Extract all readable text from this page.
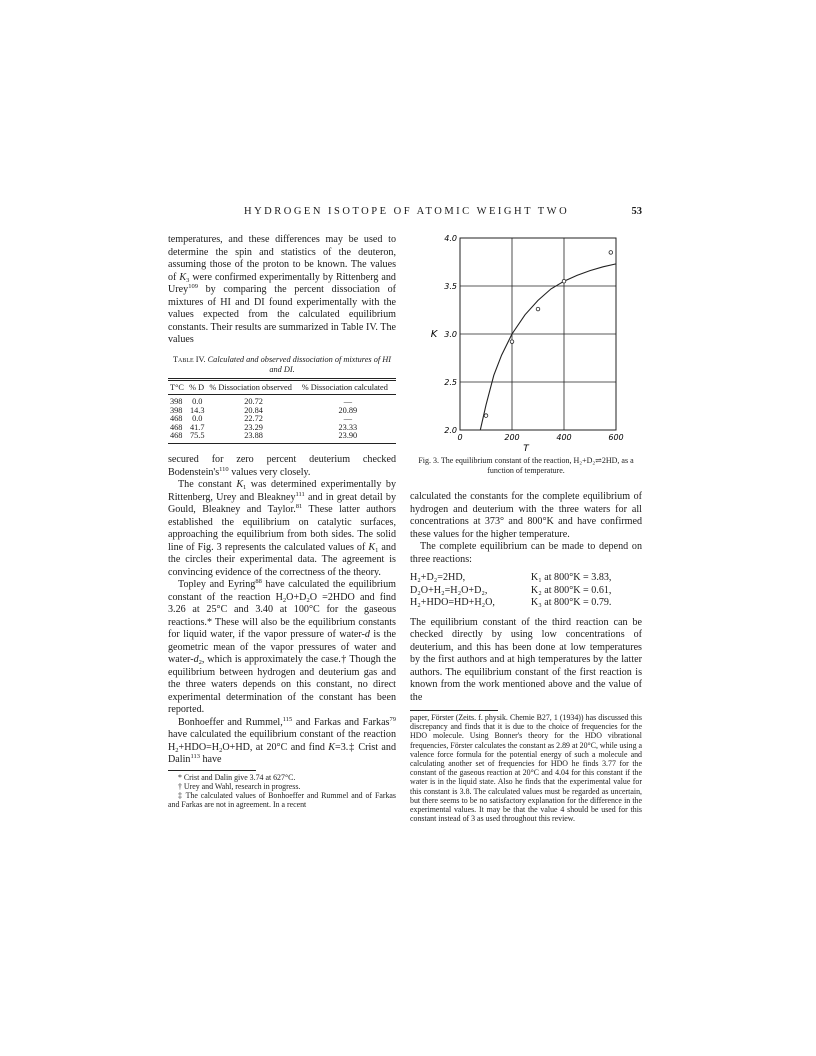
HYDROGEN ISOTOPE OF ATOMIC WEIGHT TWO	53

temperatures, and these differences may be used to determine the spin and statistics of the deuteron, assuming those of the proton to be known. The values of $K_3$ were confirmed experimentally by Rittenberg and Urey$^{109}$ by comparing the percent dissociation of mixtures of HI and DI found experimentally with the values expected from the calculated equilibrium constants. Their results are summarized in Table IV. The values

Table IV. Calculated and observed dissociation of mixtures of HI and DI.
T°C	% D	% Dissociation observed	% Dissociation calculated
398	0.0	20.72	—
398	14.3	20.84	20.89
468	0.0	22.72	—
468	41.7	23.29	23.33
468	75.5	23.88	23.90

secured for zero percent deuterium checked $Bodenstein's^{110}$ values very closely.

The constant $K_1$ was determined experimentally by Rittenberg, Urey and Bleakney$^{111}$ and in great detail by Gould, Bleakney and Taylor.$^{81}$ These latter authors established the equilibrium on catalytic surfaces, approaching the equilibrium from both sides. The solid line of Fig. 3 represents the calculated values of $K_1$ and the circles their experimental data. The agreement is convincing evidence of the correctness of the theory.

Topley and Eyring$^{88}$ have calculated the equilibrium constant of the reaction $H_2O+D_2O =2HDO$ and find 3.26 at 25°C and 3.40 at 100°C for the gaseous reactions.* These will also be the equilibrium constants for liquid water, if the vapor pressure of water-d is the geometric mean of the vapor pressures of water and water-$d_2$, which is approximately the case.† Though the equilibrium between hydrogen and deuterium gas and the three waters depends on this constant, no direct experimental determination of the constant has been reported.

Bonhoeffer and Rummel,$^{115}$ and Farkas and Farkas$^{79}$ have calculated the equilibrium constant of the reaction $H_2+HDO=H_2O+HD$, at 20°C and find K=3.‡ Crist and Dalin$^{113}$ have

* Crist and Dalin give 3.74 at 627°C.

† Urey and Wahl, research in progress.

‡ The calculated values of Bonhoeffer and Rummel and of Farkas and Farkas are not in agreement. In a recent

2.0
2.5
3.0
3.5
4.0
0	200	400	600
K
T
Fig. 3. The equilibrium constant of the reaction, H₂+D₂⇌2HD, as a function of temperature.

calculated the constants for the complete equilibrium of hydrogen and deuterium with the three waters for all concentrations at 373° and 800°K and have confirmed these values for the higher temperature.

The complete equilibrium can be made to depend on three reactions:

H₂+D₂=2HD,	K₁ at 800°K = 3.83,
D₂O+H₂=H₂O+D₂,	K₂ at 800°K = 0.61,
H₂+HDO=HD+H₂O,	K₃ at 800°K = 0.79.

The equilibrium constant of the third reaction can be checked directly by using low concentrations of deuterium, and this has been done at low temperatures by the first authors and at high temperatures by the latter authors. The equilibrium constant of the first reaction is known from the work mentioned above and the value of the

paper, Förster (Zeits. f. physik. Chemie B27, 1 (1934)) has discussed this discrepancy and finds that it is due to the choice of frequencies for the HDO molecule. Using Bonner's theory for the HDO vibrational frequencies, Förster calculates the constant as 2.89 at 20°C, while using a valence force formula for the potential energy of such a molecule and calculating another set of frequencies for HDO he finds 3.77 for the constant of the gaseous reaction at 20°C and 4.04 for this constant if the water is in the liquid state. Also he finds that the experimental value for this constant is 3.8. The calculated values must be regarded as uncertain, but there seems to be no satisfactory explanation for the difference in the experimental values. It may be that the value 4 should be used for this constant instead of 3 as used throughout this review.
